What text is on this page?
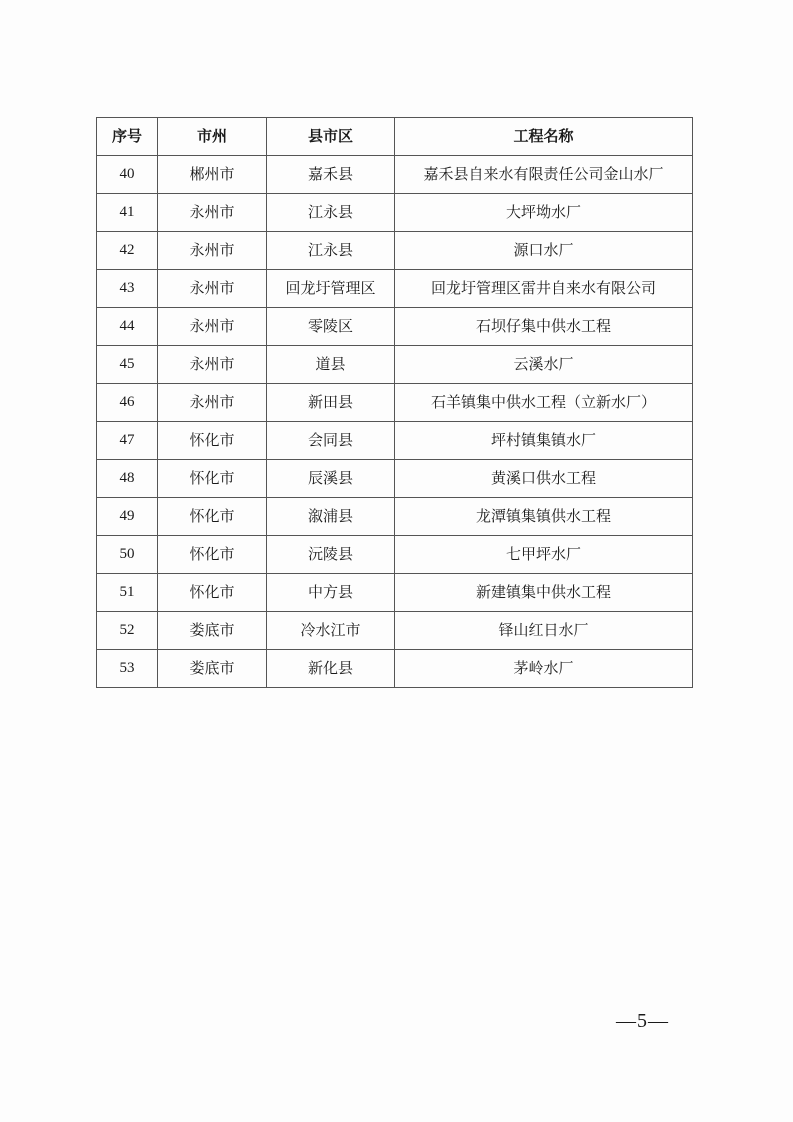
序号	市州	县市区	工程名称
40	郴州市	嘉禾县	嘉禾县自来水有限责任公司金山水厂
41	永州市	江永县	大坪坳水厂
42	永州市	江永县	源口水厂
43	永州市	回龙圩管理区	回龙圩管理区雷井自来水有限公司
44	永州市	零陵区	石坝仔集中供水工程
45	永州市	道县	云溪水厂
46	永州市	新田县	石羊镇集中供水工程（立新水厂）
47	怀化市	会同县	坪村镇集镇水厂
48	怀化市	辰溪县	黄溪口供水工程
49	怀化市	溆浦县	龙潭镇集镇供水工程
50	怀化市	沅陵县	七甲坪水厂
51	怀化市	中方县	新建镇集中供水工程
52	娄底市	冷水江市	铎山红日水厂
53	娄底市	新化县	茅岭水厂
—5—
